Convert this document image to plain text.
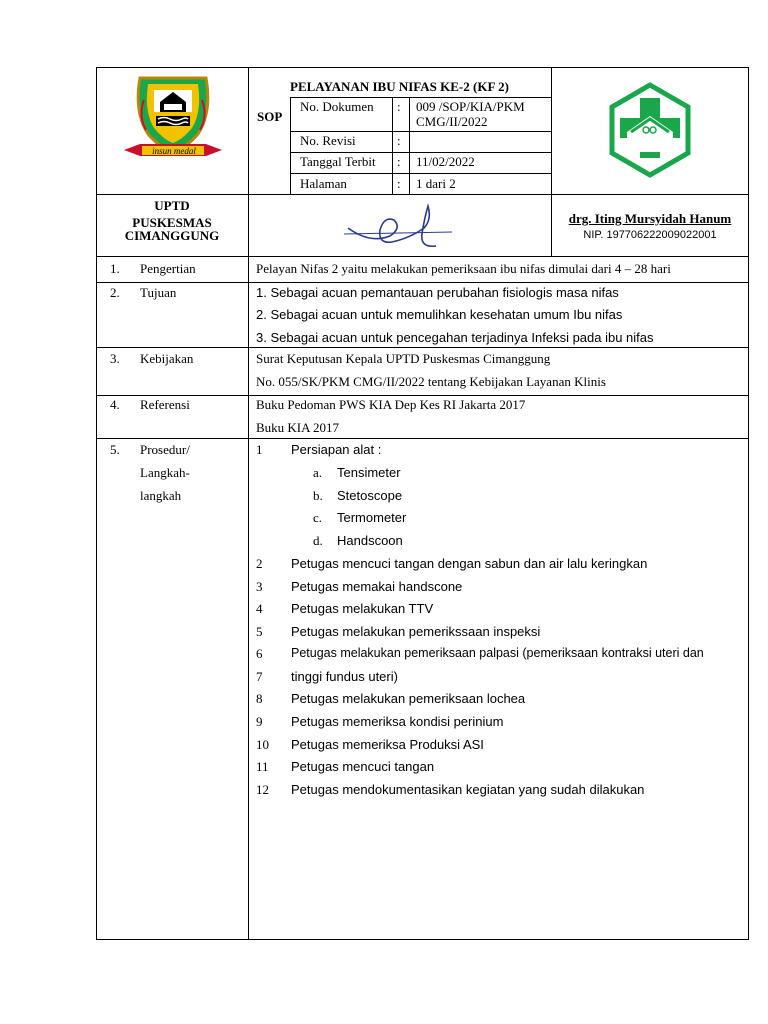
insun medal
PELAYANAN IBU NIFAS KE-2 (KF 2)
SOP
No. Dokumen : 009 /SOP/KIA/PKM
CMG/II/2022
No. Revisi	:
Tanggal Terbit : 11/02/2022
Halaman	: 1 dari 2
UPTD
PUSKESMAS
CIMANGGUNG
drg. Iting Mursyidah Hanum
NIP. 197706222009022001
1. Pengertian	Pelayan Nifas 2 yaitu melakukan pemeriksaan ibu nifas dimulai dari 4 – 28 hari
2. Tujuan	1. Sebagai acuan pemantauan perubahan fisiologis masa nifas
2. Sebagai acuan untuk memulihkan kesehatan umum Ibu nifas
3. Sebagai acuan untuk pencegahan terjadinya Infeksi pada ibu nifas
3. Kebijakan	Surat Keputusan Kepala UPTD Puskesmas Cimanggung
No. 055/SK/PKM CMG/II/2022 tentang Kebijakan Layanan Klinis
4. Referensi	Buku Pedoman PWS KIA Dep Kes RI Jakarta 2017
Buku KIA 2017
5. Prosedur/
Langkah-
langkah
1 Persiapan alat :
a. Tensimeter
b. Stetoscope
c. Termometer
d. Handscoon
2 Petugas mencuci tangan dengan sabun dan air lalu keringkan
3 Petugas memakai handscone
4 Petugas melakukan TTV
5 Petugas melakukan pemerikssaan inspeksi
6 Petugas melakukan pemeriksaan palpasi (pemeriksaan kontraksi uteri dan
7 tinggi fundus uteri)
8 Petugas melakukan pemeriksaan lochea
9 Petugas memeriksa kondisi perinium
10 Petugas memeriksa Produksi ASI
11 Petugas mencuci tangan
12 Petugas mendokumentasikan kegiatan yang sudah dilakukan
